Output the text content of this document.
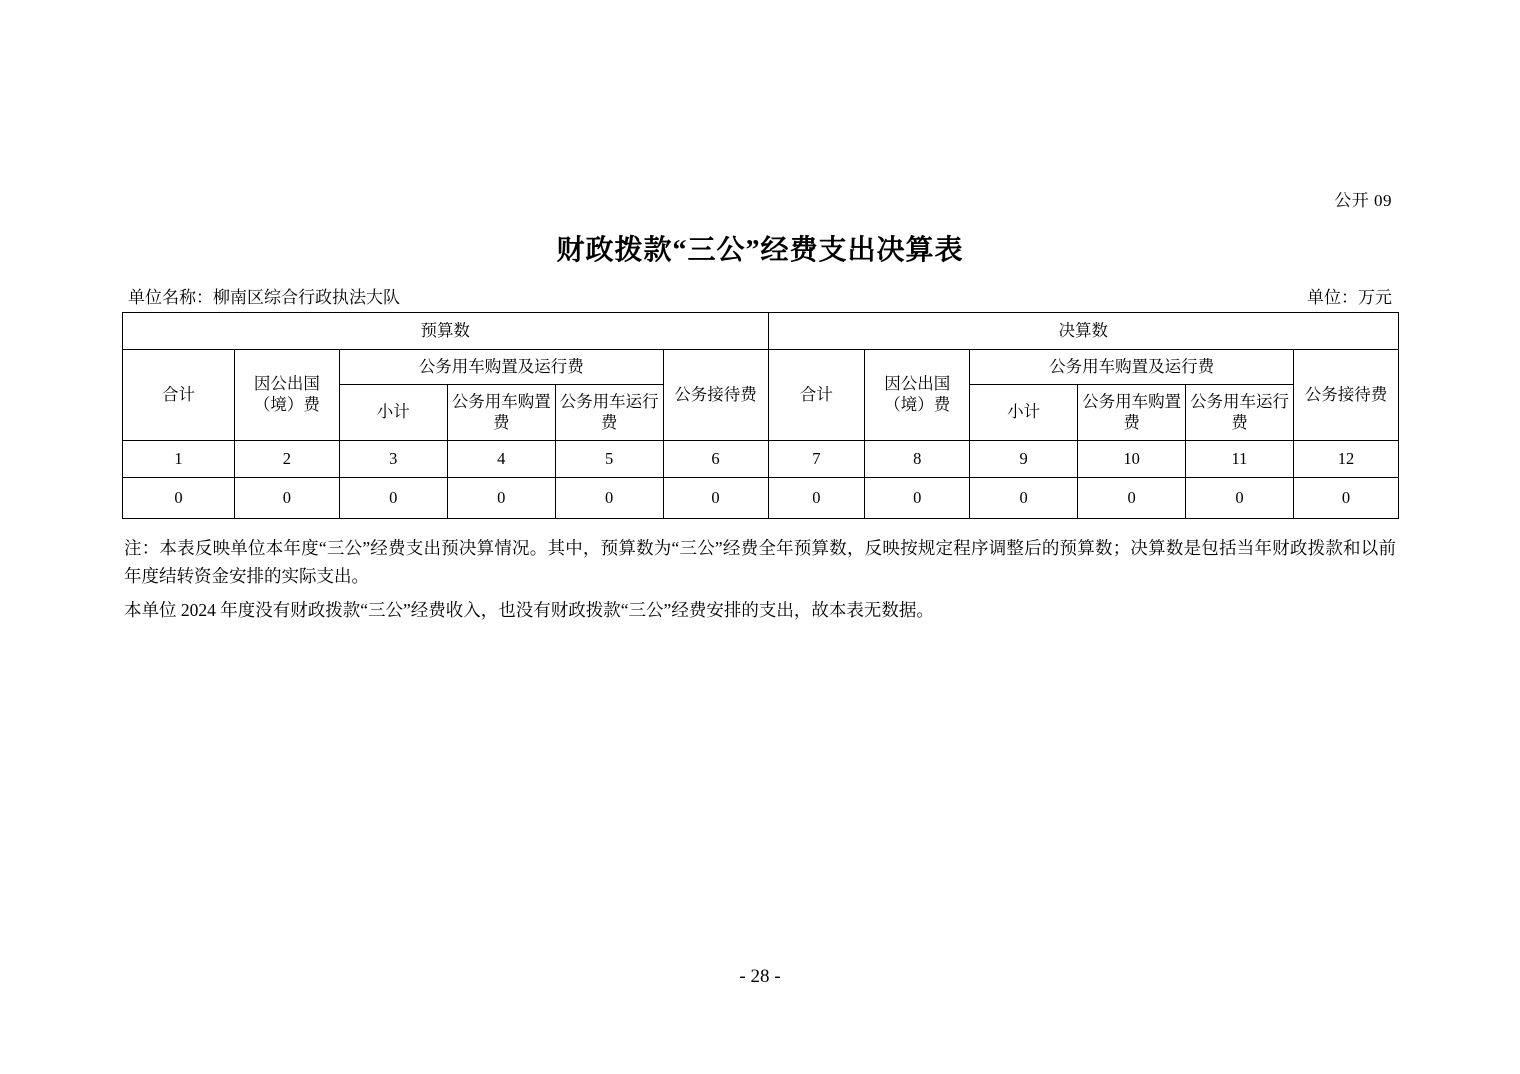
公开 09
财政拨款“三公”经费支出决算表
单位名称：柳南区综合行政执法大队	单位：万元
预算数						决算数					
合计	因公出国（境）费	公务用车购置及运行费			公务接待费	合计	因公出国（境）费	公务用车购置及运行费			公务接待费
		小计	公务用车购置费	公务用车运行费				小计	公务用车购置费	公务用车运行费	
1	2	3	4	5	6	7	8	9	10	11	12
0	0	0	0	0	0	0	0	0	0	0	0

注：本表反映单位本年度“三公”经费支出预决算情况。其中，预算数为“三公”经费全年预算数，反映按规定程序调整后的预算数；决算数是包括当年财政拨款和以前年度结转资金安排的实际支出。

本单位 2024 年度没有财政拨款“三公”经费收入，也没有财政拨款“三公”经费安排的支出，故本表无数据。

- 28 -
